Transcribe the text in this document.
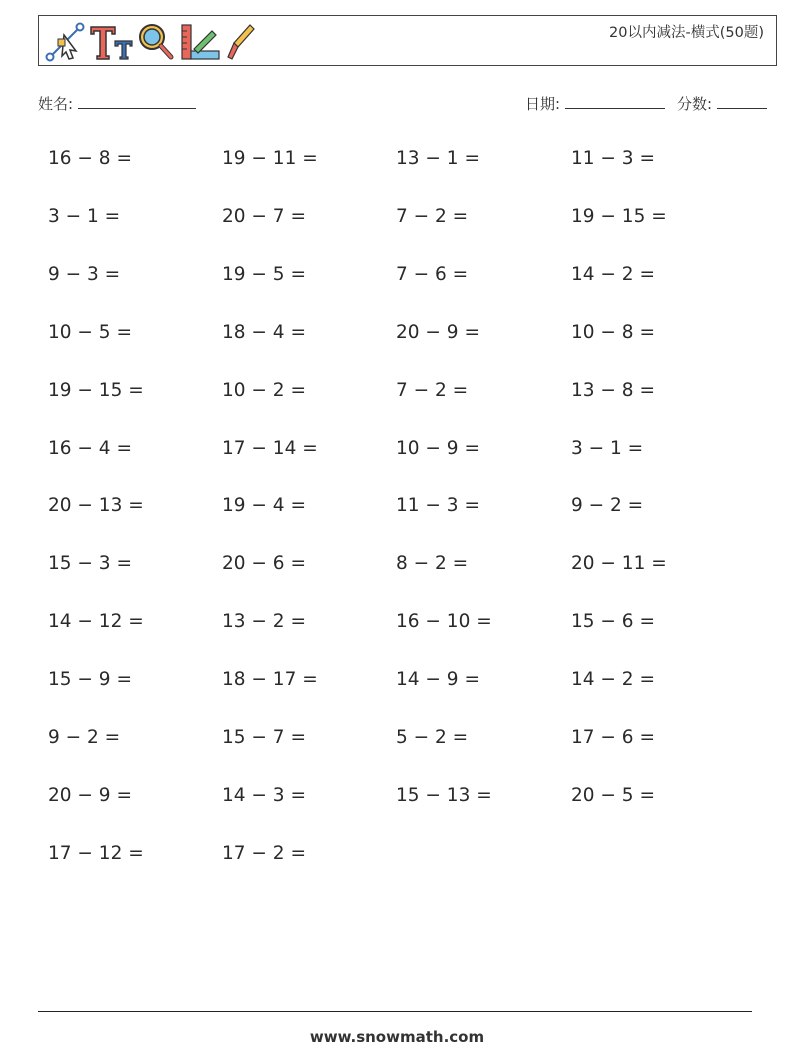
20以内减法-横式(50题)
姓名:	日期:	分数:
16 − 8 =	19 − 11 =	13 − 1 =	11 − 3 =
3 − 1 =	20 − 7 =	7 − 2 =	19 − 15 =
9 − 3 =	19 − 5 =	7 − 6 =	14 − 2 =
10 − 5 =	18 − 4 =	20 − 9 =	10 − 8 =
19 − 15 =	10 − 2 =	7 − 2 =	13 − 8 =
16 − 4 =	17 − 14 =	10 − 9 =	3 − 1 =
20 − 13 =	19 − 4 =	11 − 3 =	9 − 2 =
15 − 3 =	20 − 6 =	8 − 2 =	20 − 11 =
14 − 12 =	13 − 2 =	16 − 10 =	15 − 6 =
15 − 9 =	18 − 17 =	14 − 9 =	14 − 2 =
9 − 2 =	15 − 7 =	5 − 2 =	17 − 6 =
20 − 9 =	14 − 3 =	15 − 13 =	20 − 5 =
17 − 12 =	17 − 2 =
www.snowmath.com
